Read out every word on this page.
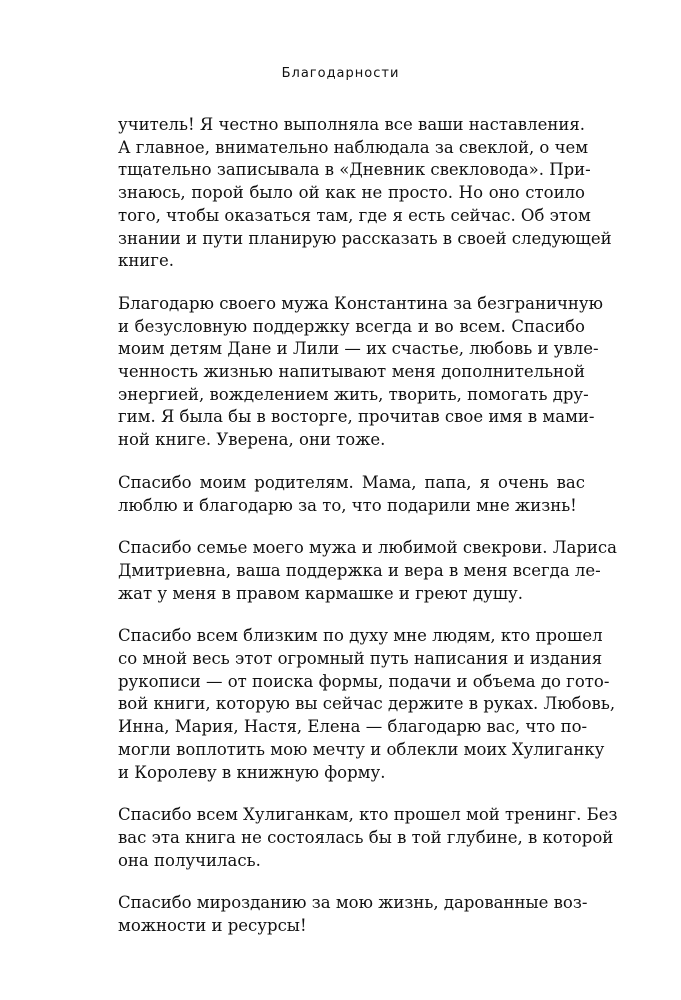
Благодарности
учитель! Я честно выполняла все ваши наставления.
А главное, внимательно наблюдала за свеклой, о чем
тщательно записывала в «Дневник свекловода». При-
знаюсь, порой было ой как не просто. Но оно стоило
того, чтобы оказаться там, где я есть сейчас. Об этом
знании и пути планирую рассказать в своей следующей
книге.
Благодарю своего мужа Константина за безграничную
и безусловную поддержку всегда и во всем. Спасибо
моим детям Дане и Лили — их счастье, любовь и увле-
ченность жизнью напитывают меня дополнительной
энергией, вожделением жить, творить, помогать дру-
гим. Я была бы в восторге, прочитав свое имя в мами-
ной книге. Уверена, они тоже.
Спасибо моим родителям. Мама, папа, я очень вас
люблю и благодарю за то, что подарили мне жизнь!
Спасибо семье моего мужа и любимой свекрови. Лариса
Дмитриевна, ваша поддержка и вера в меня всегда ле-
жат у меня в правом кармашке и греют душу.
Спасибо всем близким по духу мне людям, кто прошел
со мной весь этот огромный путь написания и издания
рукописи — от поиска формы, подачи и объема до гото-
вой книги, которую вы сейчас держите в руках. Любовь,
Инна, Мария, Настя, Елена — благодарю вас, что по-
могли воплотить мою мечту и облекли моих Хулиганку
и Королеву в книжную форму.
Спасибо всем Хулиганкам, кто прошел мой тренинг. Без
вас эта книга не состоялась бы в той глубине, в которой
она получилась.
Спасибо мирозданию за мою жизнь, дарованные воз-
можности и ресурсы!
